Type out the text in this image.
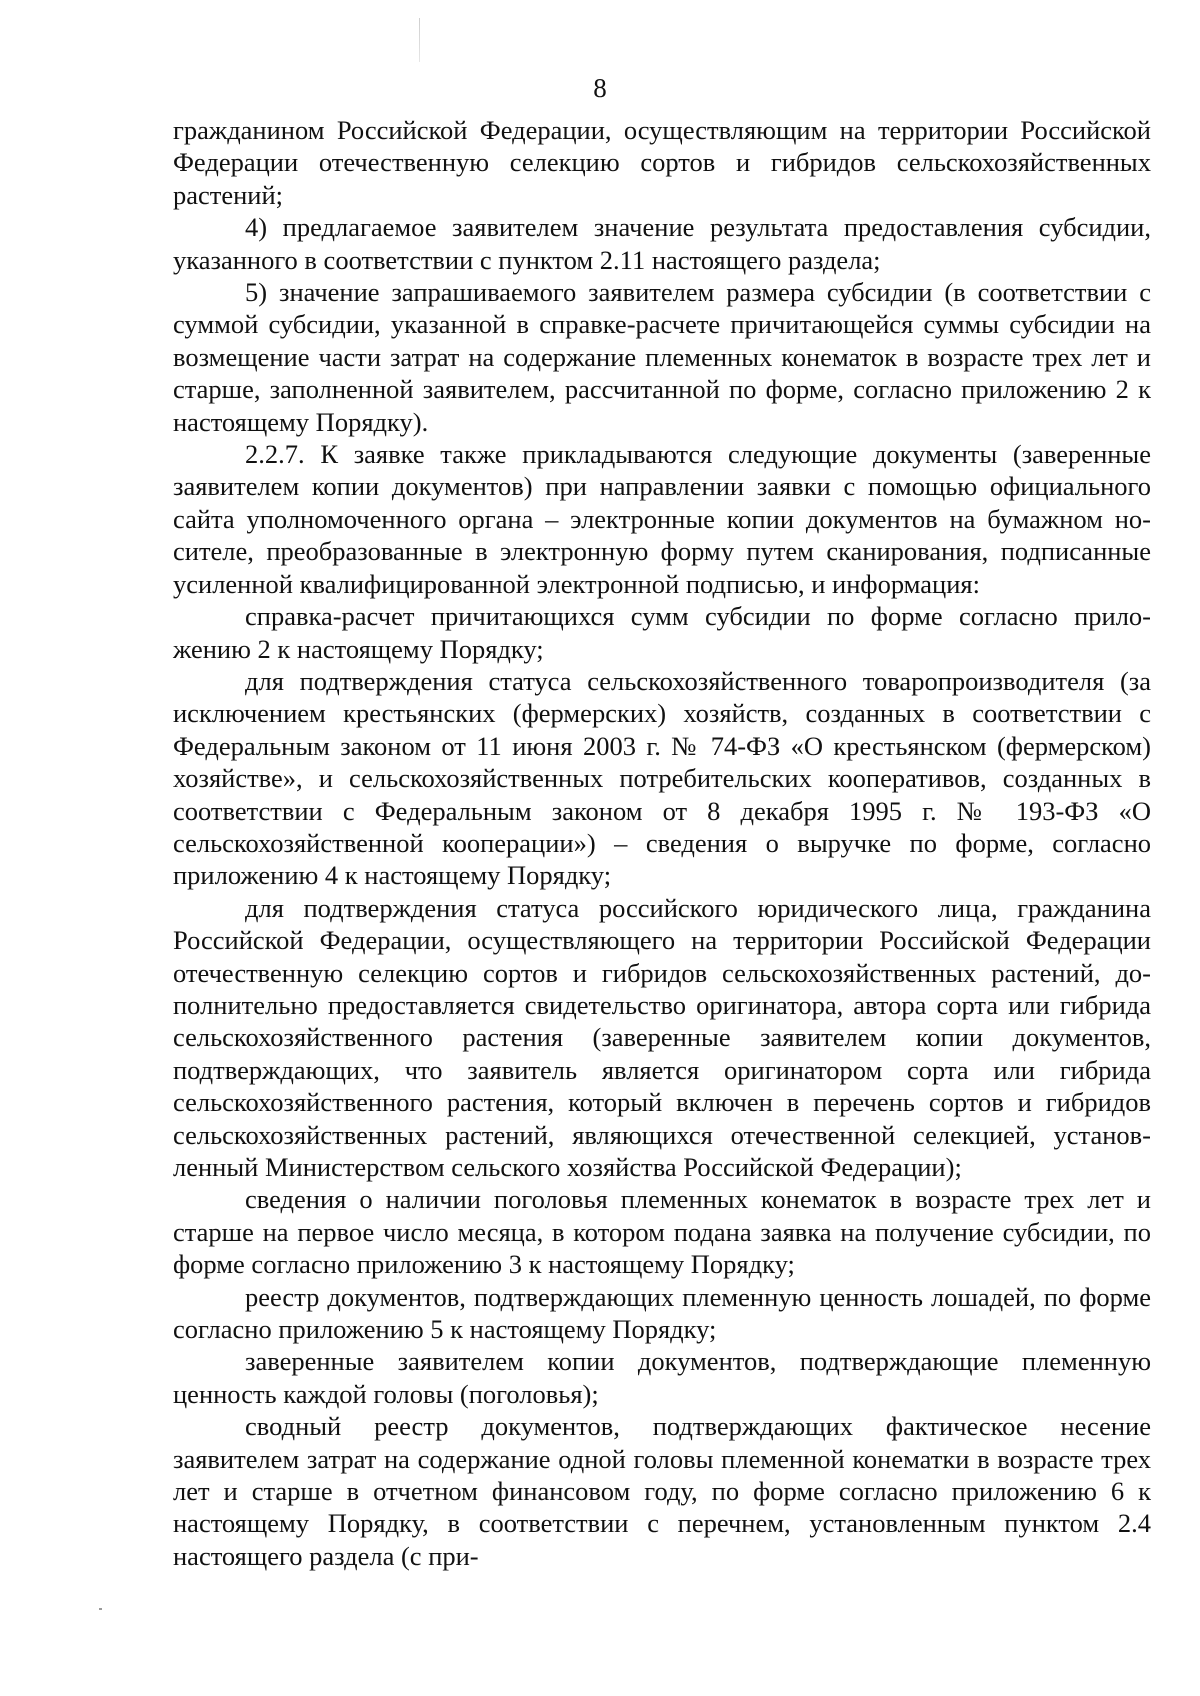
8

гражданином Российской Федерации, осуществляющим на территории Российской Федерации отечественную селекцию сортов и гибридов сельскохозяйственных растений;

4) предлагаемое заявителем значение результата предоставления субсидии, указанного в соответствии с пунктом 2.11 настоящего раздела;

5) значение запрашиваемого заявителем размера субсидии (в соответствии с суммой субсидии, указанной в справке-расчете причитающейся суммы субсидии на возмещение части затрат на содержание племенных конематок в возрасте трех лет и старше, заполненной заявителем, рассчитанной по форме, согласно приложению 2 к настоящему Порядку).

2.2.7. К заявке также прикладываются следующие документы (заверенные заявителем копии документов) при направлении заявки с помощью официального сайта уполномоченного органа – электронные копии документов на бумажном носителе, преобразованные в электронную форму путем сканирования, подписанные усиленной квалифицированной электронной подписью, и информация:

справка-расчет причитающихся сумм субсидии по форме согласно приложению 2 к настоящему Порядку;

для подтверждения статуса сельскохозяйственного товаропроизводителя (за исключением крестьянских (фермерских) хозяйств, созданных в соответствии с Федеральным законом от 11 июня 2003 г. № 74-ФЗ «О крестьянском (фермерском) хозяйстве», и сельскохозяйственных потребительских кооперативов, созданных в соответствии с Федеральным законом от 8 декабря 1995 г. № 193-ФЗ «О сельскохозяйственной кооперации») – сведения о выручке по форме, согласно приложению 4 к настоящему Порядку;

для подтверждения статуса российского юридического лица, гражданина Российской Федерации, осуществляющего на территории Российской Федерации отечественную селекцию сортов и гибридов сельскохозяйственных растений, дополнительно предоставляется свидетельство оригинатора, автора сорта или гибрида сельскохозяйственного растения (заверенные заявителем копии документов, подтверждающих, что заявитель является оригинатором сорта или гибрида сельскохозяйственного растения, который включен в перечень сортов и гибридов сельскохозяйственных растений, являющихся отечественной селекцией, установленный Министерством сельского хозяйства Российской Федерации);

сведения о наличии поголовья племенных конематок в возрасте трех лет и старше на первое число месяца, в котором подана заявка на получение субсидии, по форме согласно приложению 3 к настоящему Порядку;

реестр документов, подтверждающих племенную ценность лошадей, по форме согласно приложению 5 к настоящему Порядку;

заверенные заявителем копии документов, подтверждающие племенную ценность каждой головы (поголовья);

сводный реестр документов, подтверждающих фактическое несение заявителем затрат на содержание одной головы племенной конематки в возрасте трех лет и старше в отчетном финансовом году, по форме согласно приложению 6 к настоящему Порядку, в соответствии с перечнем, установленным пунктом 2.4 настоящего раздела (с при-
